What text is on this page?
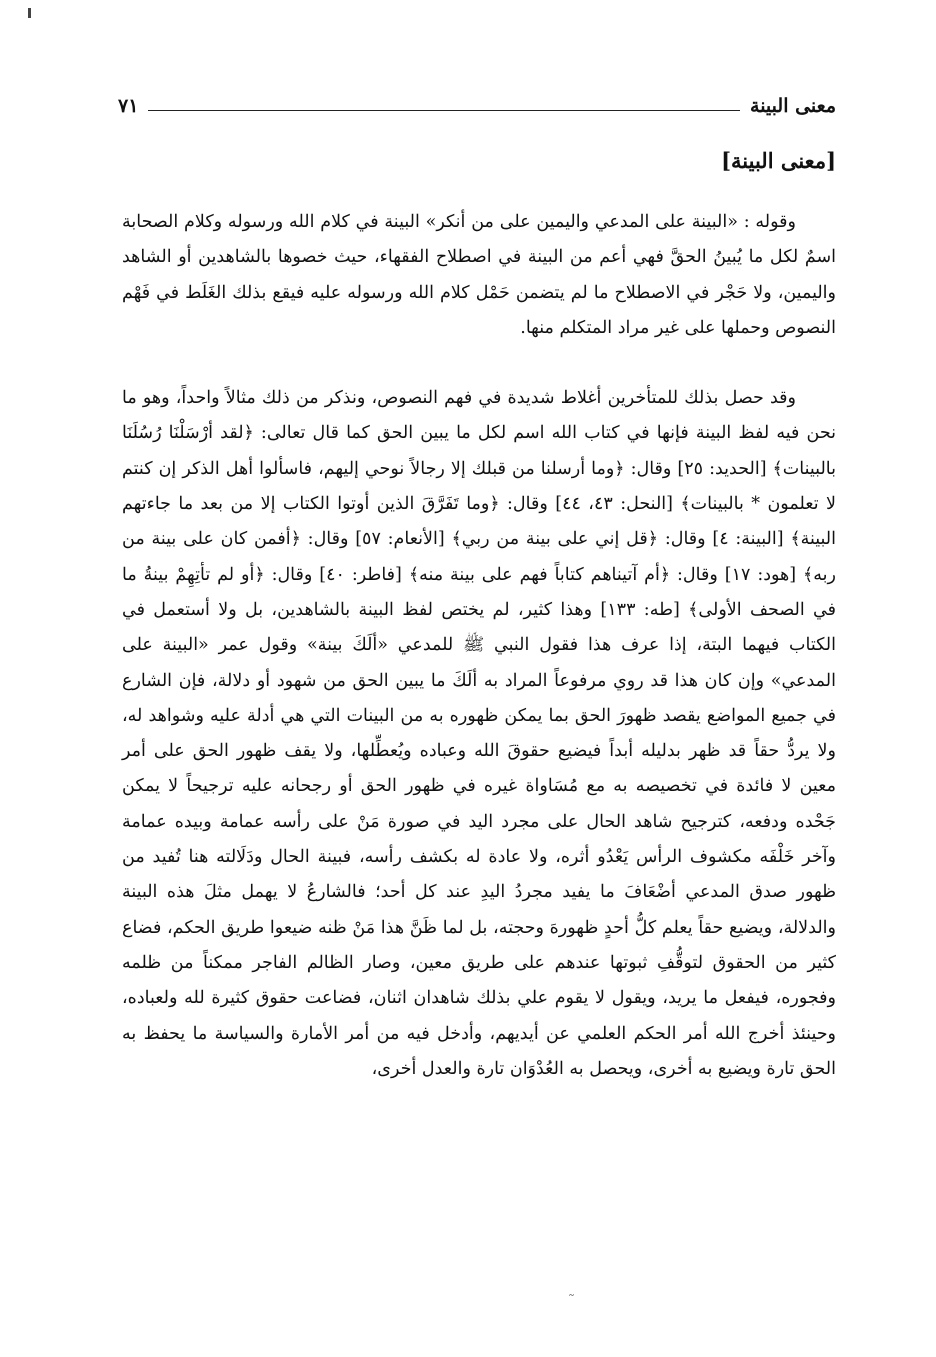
معنى البينة
٧١
[معنى البينة]

وقوله : «البينة على المدعي واليمين على من أنكر» البينة في كلام الله ورسوله وكلام الصحابة اسمٌ لكل ما يُبينُ الحقَّ فهي أعم من البينة في اصطلاح الفقهاء، حيث خصوها بالشاهدين أو الشاهد واليمين، ولا حَجْر في الاصطلاح ما لم يتضمن حَمْل كلام الله ورسوله عليه فيقع بذلك الغَلَط في فَهْم النصوص وحملها على غير مراد المتكلم منها.

وقد حصل بذلك للمتأخرين أغلاط شديدة في فهم النصوص، ونذكر من ذلك مثالاً واحداً، وهو ما نحن فيه لفظ البينة فإنها في كتاب الله اسم لكل ما يبين الحق كما قال تعالى: ﴿لقد أرْسَلْنَا رُسُلَنَا بالبينات﴾ [الحديد: ٢٥] وقال: ﴿وما أرسلنا من قبلك إلا رجالاً نوحي إليهم، فاسألوا أهل الذكر إن كنتم لا تعلمون * بالبينات﴾ [النحل: ٤٣، ٤٤] وقال: ﴿وما تَفَرَّقَ الذين أوتوا الكتاب إلا من بعد ما جاءتهم البينة﴾ [البينة: ٤] وقال: ﴿قل إني على بينة من ربي﴾ [الأنعام: ٥٧] وقال: ﴿أفمن كان على بينة من ربه﴾ [هود: ١٧] وقال: ﴿أم آتيناهم كتاباً فهم على بينة منه﴾ [فاطر: ٤٠] وقال: ﴿أو لم تأتِهِمْ بينةُ ما في الصحف الأولى﴾ [طه: ١٣٣] وهذا كثير، لم يختص لفظ البينة بالشاهدين، بل ولا أستعمل في الكتاب فيهما البتة، إذا عرف هذا فقول النبي ﷺ للمدعي «ألَكَ بينة» وقول عمر «البينة على المدعي» وإن كان هذا قد روي مرفوعاً المراد به ألَكَ ما يبين الحق من شهود أو دلالة، فإن الشارع في جميع المواضع يقصد ظهورَ الحق بما يمكن ظهوره به من البينات التي هي أدلة عليه وشواهد له، ولا يردُّ حقاً قد ظهر بدليله أبداً فيضيع حقوقَ الله وعباده ويُعطِّلها، ولا يقف ظهور الحق على أمر معين لا فائدة في تخصيصه به مع مُسَاواة غيره في ظهور الحق أو رجحانه عليه ترجيحاً لا يمكن جَحْده ودفعه، كترجيح شاهد الحال على مجرد اليد في صورة مَنْ على رأسه عمامة وبيده عمامة وآخر خَلْفَه مكشوف الرأس يَعْدُو أثره، ولا عادة له بكشف رأسه، فبينة الحال ودَلَالته هنا تُفيد من ظهور صدق المدعي أضْعَافَ ما يفيد مجردُ اليدِ عند كل أحد؛ فالشارعُ لا يهمل مثلَ هذه البينة والدلالة، ويضيع حقاً يعلم كلُّ أحدٍ ظهورهَ وحجته، بل لما ظَنَّ هذا مَنْ ظنه ضيعوا طريق الحكم، فضاع كثير من الحقوق لتوقُّفِ ثبوتها عندهم على طريق معين، وصار الظالم الفاجر ممكناً من ظلمه وفجوره، فيفعل ما يريد، ويقول لا يقوم علي بذلك شاهدان اثنان، فضاعت حقوق كثيرة لله ولعباده، وحينئذ أخرج الله أمر الحكم العلمي عن أيديهم، وأدخل فيه من أمر الأمارة والسياسة ما يحفظ به الحق تارة ويضيع به أخرى، ويحصل به العُدْوَان تارة والعدل أخرى،

˜
